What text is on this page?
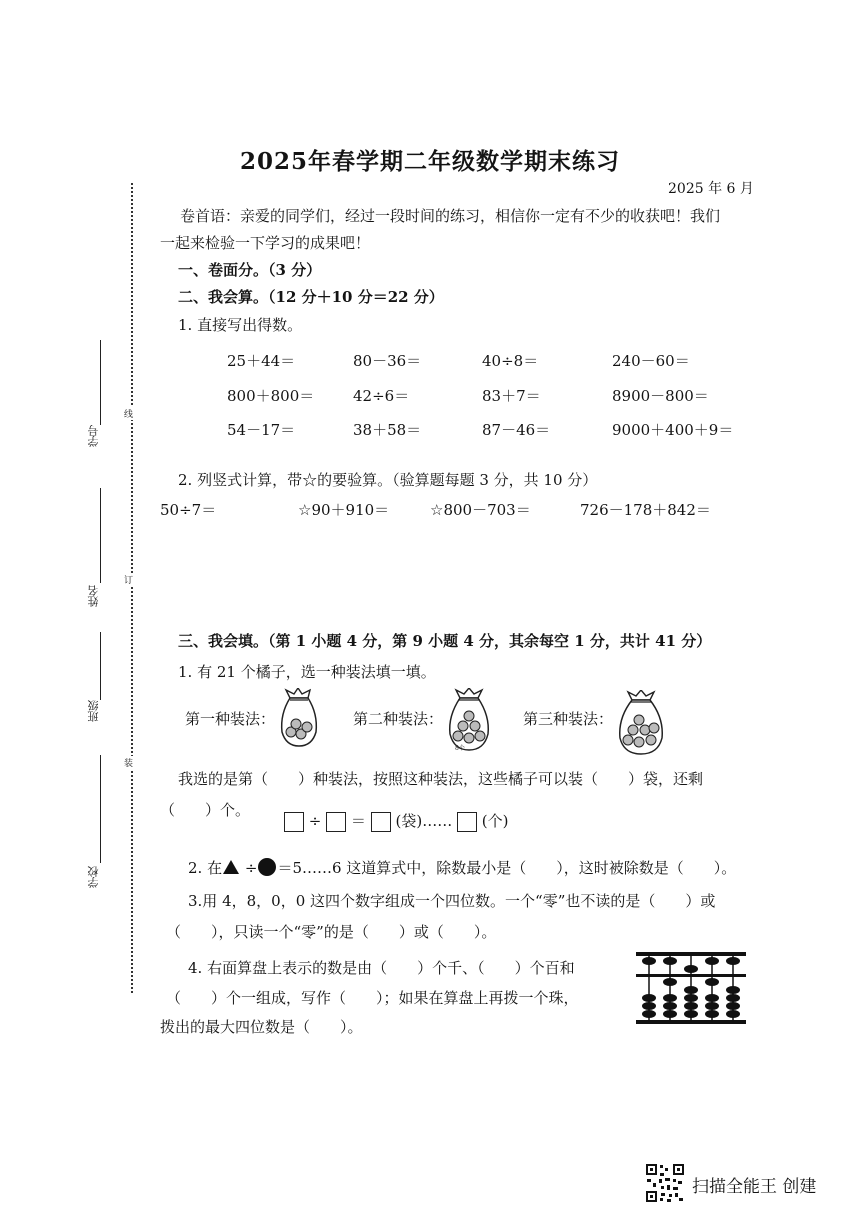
2025年春学期二年级数学期末练习
2025 年 6 月
学号
姓名
班级
学校
线
订
装
卷首语：亲爱的同学们，经过一段时间的练习，相信你一定有不少的收获吧！我们
一起来检验一下学习的成果吧！
一、卷面分。（3 分）
二、我会算。（12 分＋10 分＝22 分）
1. 直接写出得数。
25＋44＝	80－36＝	40÷8＝	240－60＝
800＋800＝	42÷6＝	83＋7＝	8900－800＝
54－17＝	38＋58＝	87－46＝	9000＋400＋9＝
2. 列竖式计算，带☆的要验算。（验算题每题 3 分，共 10 分）
50÷7＝	☆90＋910＝	☆800－703＝	726－178＋842＝
三、我会填。（第 1 小题 4 分，第 9 小题 4 分，其余每空 1 分，共计 41 分）
1. 有 21 个橘子，选一种装法填一填。
第一种装法：	第二种装法：	第三种装法：
8个
我选的是第（　　）种装法，按照这种装法，这些橘子可以装（　　）袋，还剩
（　　）个。
÷ ＝ (袋)…… (个)
2. 在 ÷ ＝5……6 这道算式中，除数最小是（　　），这时被除数是（　　）。
3.用 4，8，0，0 这四个数字组成一个四位数。一个“零”也不读的是（　　）或
（　　），只读一个“零”的是（　　）或（　　）。
4. 右面算盘上表示的数是由（　　）个千、（　　）个百和
（　　）个一组成，写作（　　）；如果在算盘上再拨一个珠，
拨出的最大四位数是（　　）。
扫描全能王 创建
